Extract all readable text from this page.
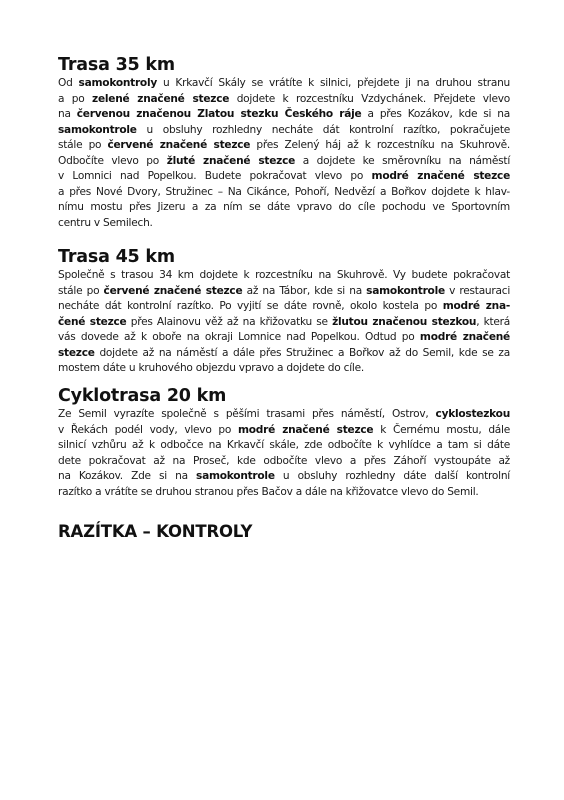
Trasa 35 km
Od samokontroly u Krkavčí Skály se vrátíte k silnici, přejdete ji na druhou stranu
a po zelené značené stezce dojdete k rozcestníku Vzdychánek. Přejdete vlevo
na červenou značenou Zlatou stezku Českého ráje a přes Kozákov, kde si na
samokontrole u obsluhy rozhledny necháte dát kontrolní razítko, pokračujete
stále po červené značené stezce přes Zelený háj až k rozcestníku na Skuhrově.
Odbočíte vlevo po žluté značené stezce a dojdete ke směrovníku na náměstí
v Lomnici nad Popelkou. Budete pokračovat vlevo po modré značené stezce
a přes Nové Dvory, Stružinec – Na Cikánce, Pohoří, Nedvězí a Bořkov dojdete k hlav-
nímu mostu přes Jizeru a za ním se dáte vpravo do cíle pochodu ve Sportovním
centru v Semilech.
Trasa 45 km
Společně s trasou 34 km dojdete k rozcestníku na Skuhrově. Vy budete pokračovat
stále po červené značené stezce až na Tábor, kde si na samokontrole v restauraci
necháte dát kontrolní razítko. Po vyjití se dáte rovně, okolo kostela po modré zna-
čené stezce přes Alainovu věž až na křižovatku se žlutou značenou stezkou, která
vás dovede až k oboře na okraji Lomnice nad Popelkou. Odtud po modré značené
stezce dojdete až na náměstí a dále přes Stružinec a Bořkov až do Semil, kde se za
mostem dáte u kruhového objezdu vpravo a dojdete do cíle.
Cyklotrasa 20 km
Ze Semil vyrazíte společně s pěšími trasami přes náměstí, Ostrov, cyklostezkou
v Řekách podél vody, vlevo po modré značené stezce k Černému mostu, dále
silnicí vzhůru až k odbočce na Krkavčí skále, zde odbočíte k vyhlídce a tam si dáte
dete pokračovat až na Proseč, kde odbočíte vlevo a přes Záhoří vystoupáte až
na Kozákov. Zde si na samokontrole u obsluhy rozhledny dáte další kontrolní
razítko a vrátíte se druhou stranou přes Bačov a dále na křižovatce vlevo do Semil.
RAZÍTKA – KONTROLY
